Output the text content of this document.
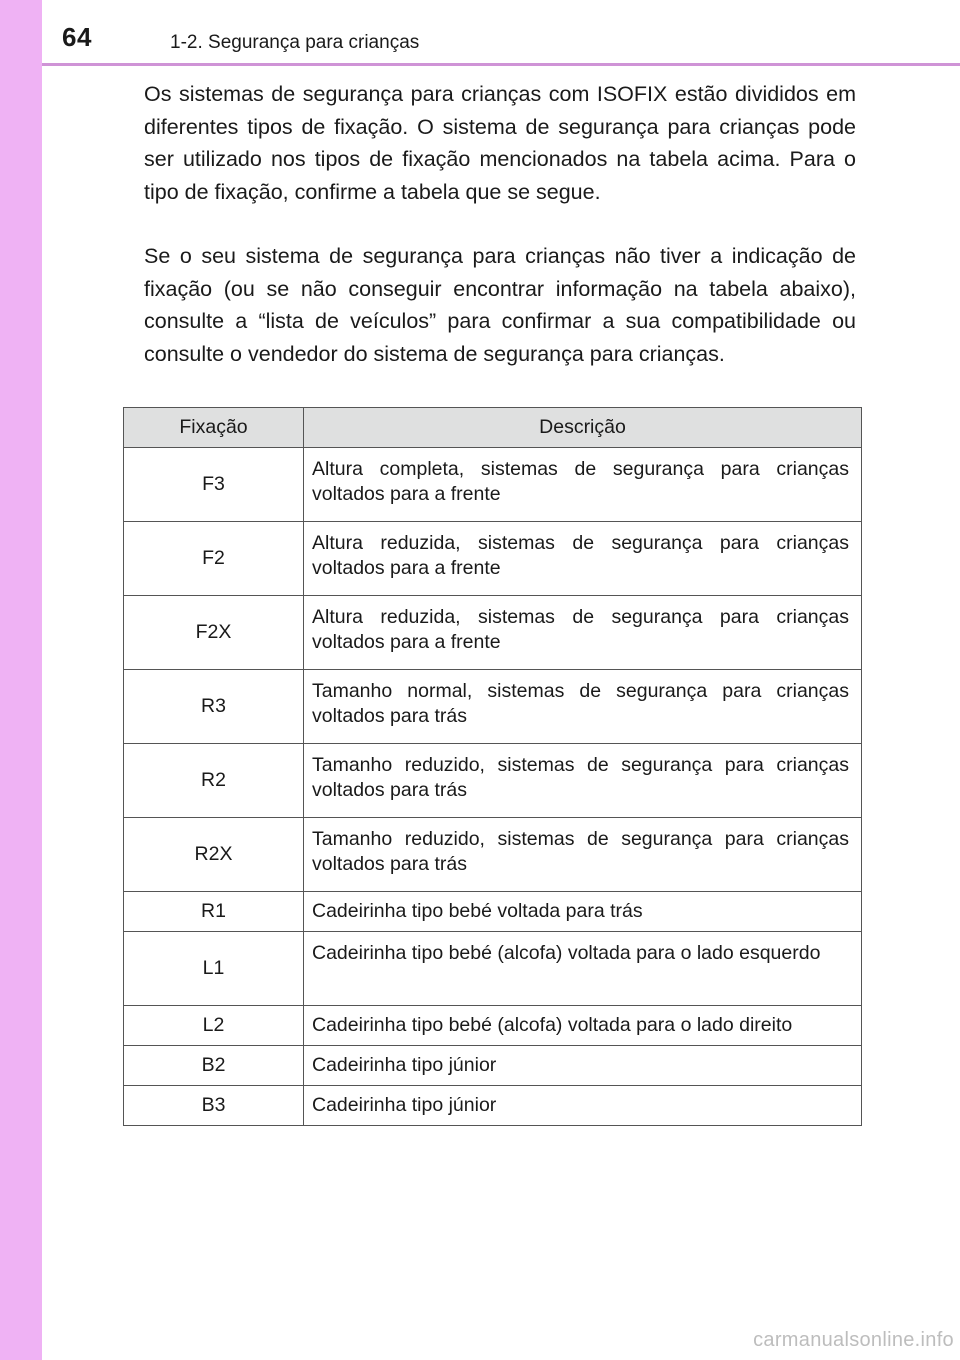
64	1-2. Segurança para crianças

Os sistemas de segurança para crianças com ISOFIX estão divididos em diferentes tipos de fixação. O sistema de segurança para crianças pode ser utilizado nos tipos de fixação mencionados na tabela acima. Para o tipo de fixação, confirme a tabela que se segue.

Se o seu sistema de segurança para crianças não tiver a indicação de fixação (ou se não conseguir encontrar informação na tabela abaixo), consulte a “lista de veículos” para confirmar a sua compatibilidade ou consulte o vendedor do sistema de segurança para crianças.

Fixação	Descrição
F3	Altura completa, sistemas de segurança para crianças voltados para a frente
F2	Altura reduzida, sistemas de segurança para crianças voltados para a frente
F2X	Altura reduzida, sistemas de segurança para crianças voltados para a frente
R3	Tamanho normal, sistemas de segurança para crianças voltados para trás
R2	Tamanho reduzido, sistemas de segurança para crianças voltados para trás
R2X	Tamanho reduzido, sistemas de segurança para crianças voltados para trás
R1	Cadeirinha tipo bebé voltada para trás
L1	Cadeirinha tipo bebé (alcofa) voltada para o lado esquerdo
L2	Cadeirinha tipo bebé (alcofa) voltada para o lado direito
B2	Cadeirinha tipo júnior
B3	Cadeirinha tipo júnior
carmanualsonline.info
